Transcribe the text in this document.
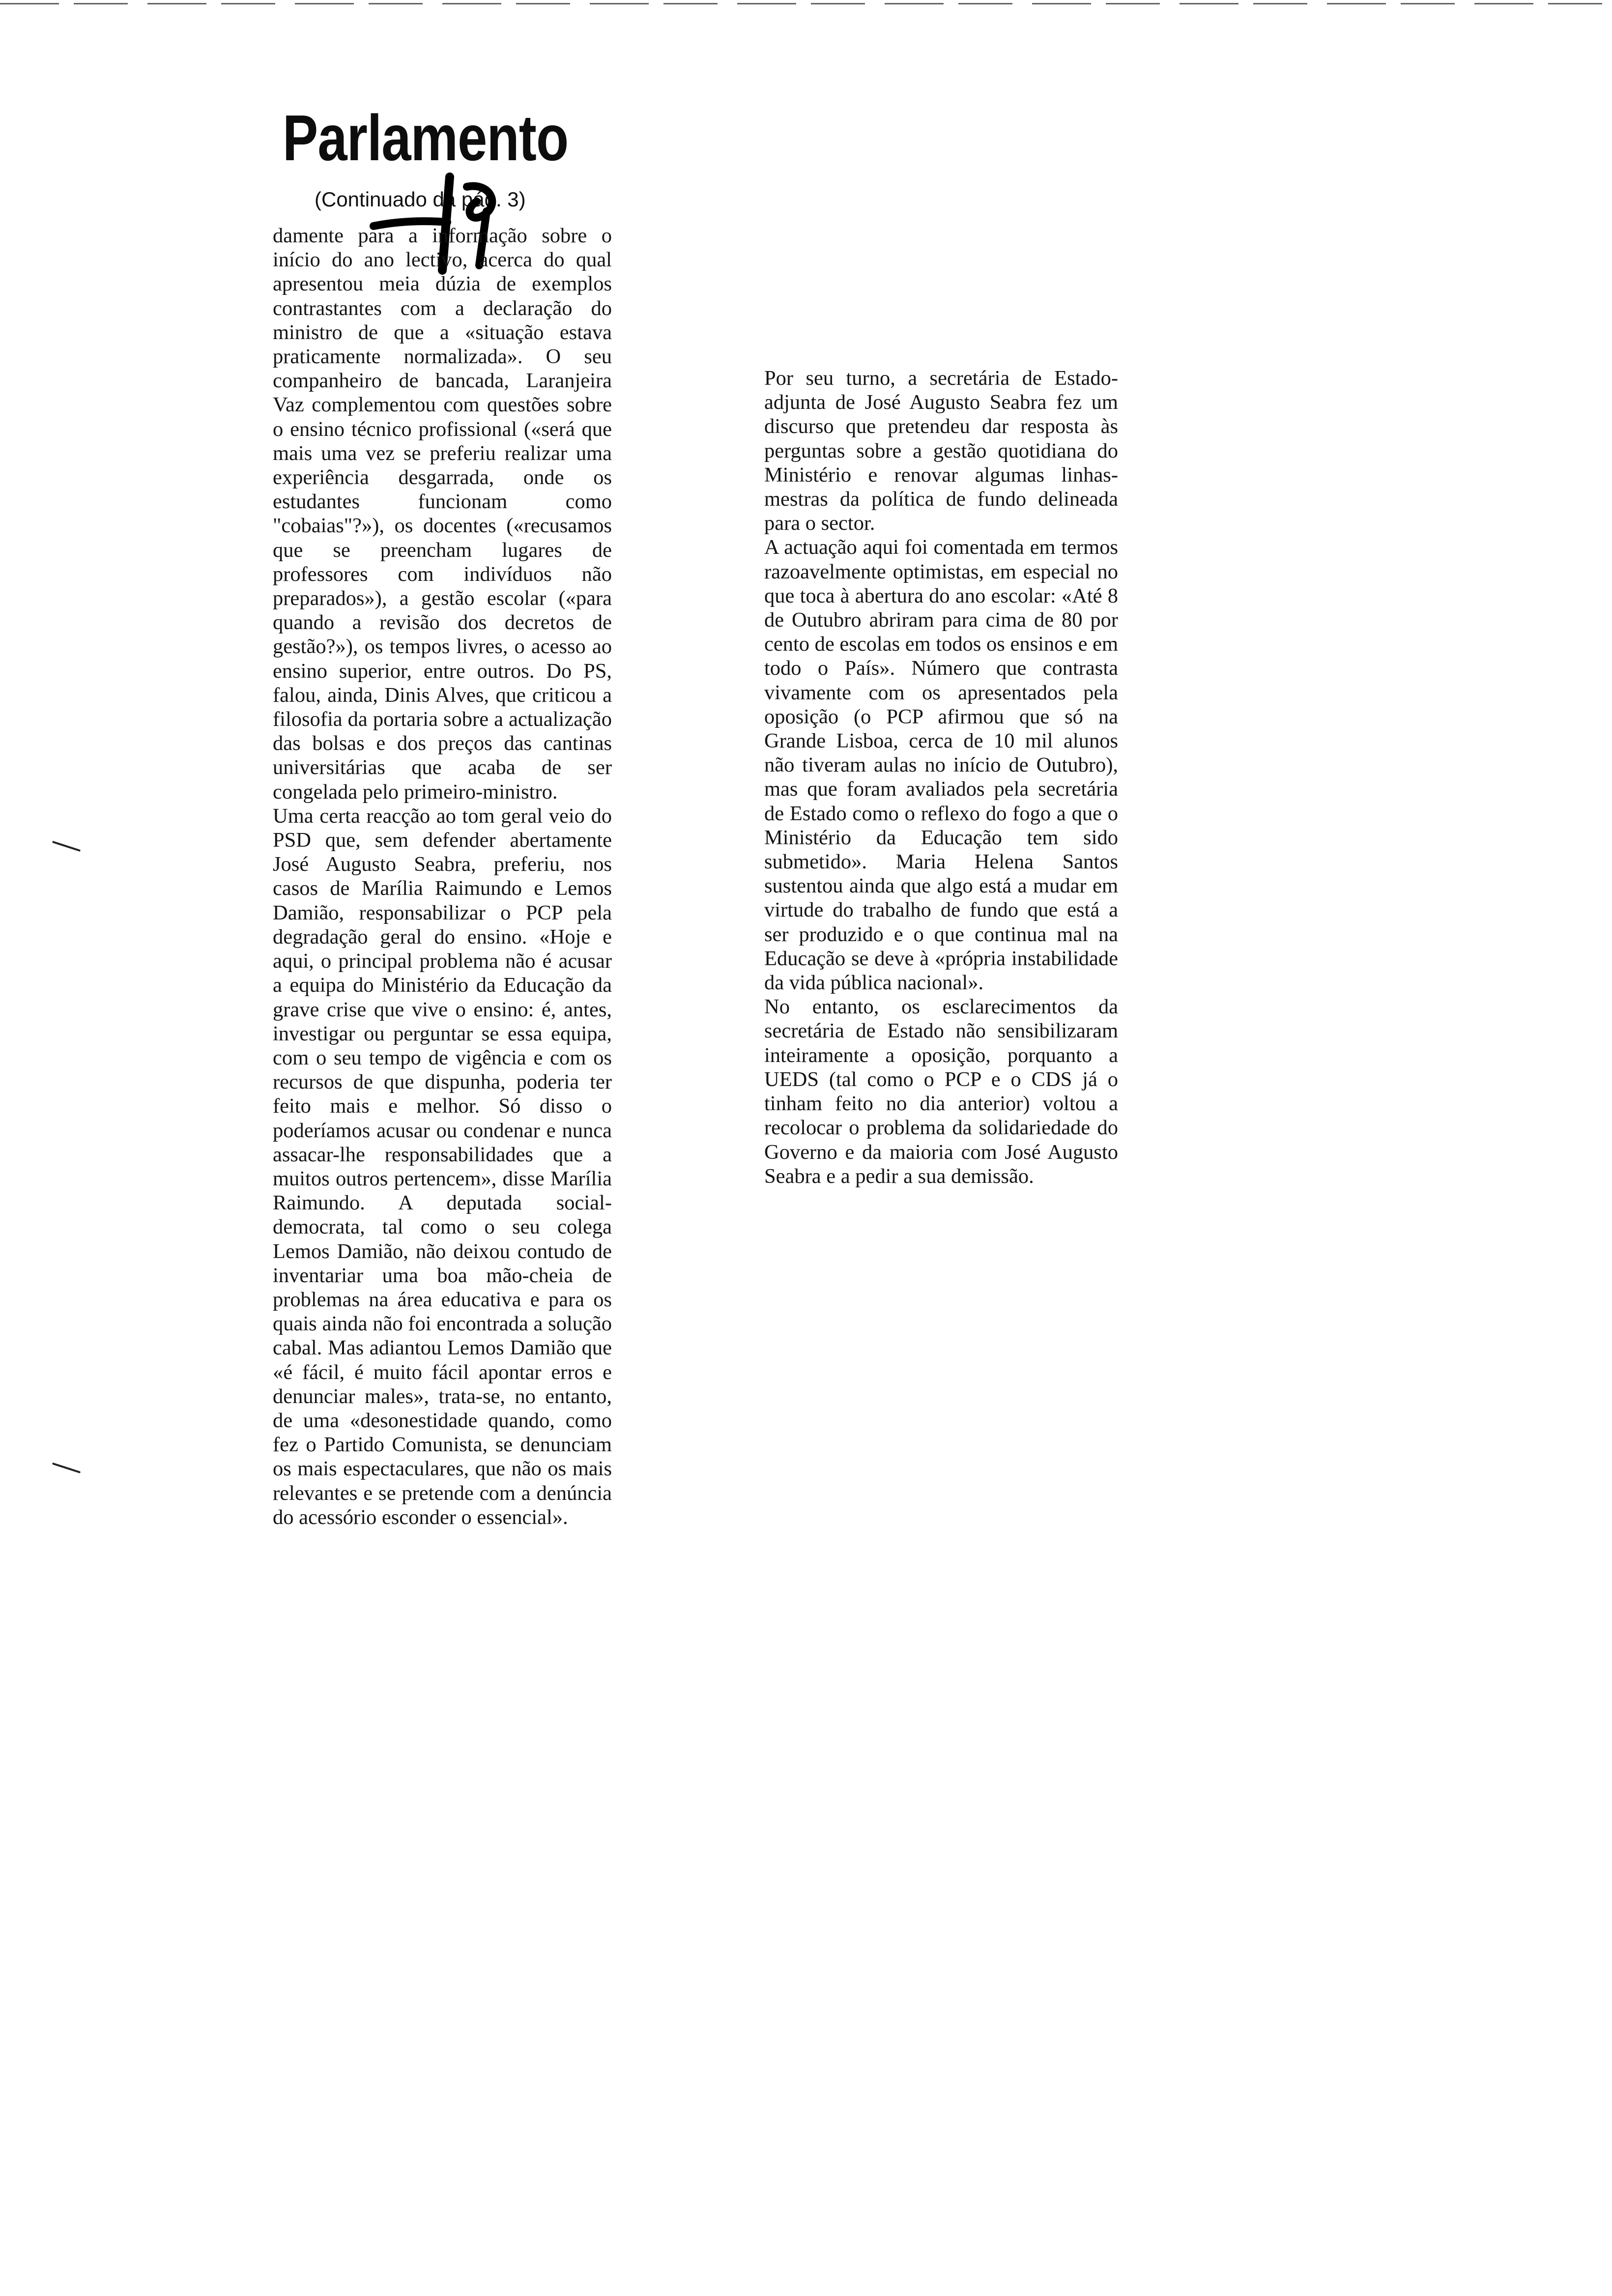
Parlamento
(Continuado da pág. 3)

damente para a informação sobre o início do ano lectivo, acerca do qual apresentou meia dúzia de exemplos contrastantes com a declaração do ministro de que a «situação estava praticamente normalizada». O seu companheiro de bancada, Laranjeira Vaz complementou com questões sobre o ensino técnico profissional («será que mais uma vez se preferiu realizar uma experiência desgarrada, onde os estudantes funcionam como "cobaias"?»), os docentes («recusamos que se preencham lugares de professores com indivíduos não preparados»), a gestão escolar («para quando a revisão dos decretos de gestão?»), os tempos livres, o acesso ao ensino superior, entre outros. Do PS, falou, ainda, Dinis Alves, que criticou a filosofia da portaria sobre a actualização das bolsas e dos preços das cantinas universitárias que acaba de ser congelada pelo primeiro-ministro.
Uma certa reacção ao tom geral veio do PSD que, sem defender abertamente José Augusto Seabra, preferiu, nos casos de Marília Raimundo e Lemos Damião, responsabilizar o PCP pela degradação geral do ensino. «Hoje e aqui, o principal problema não é acusar a equipa do Ministério da Educação da grave crise que vive o ensino: é, antes, investigar ou perguntar se essa equipa, com o seu tempo de vigência e com os recursos de que dispunha, poderia ter feito mais e melhor. Só disso o poderíamos acusar ou condenar e nunca assacar-lhe responsabilidades que a muitos outros pertencem», disse Marília Raimundo. A deputada social-democrata, tal como o seu colega Lemos Damião, não deixou contudo de inventariar uma boa mão-cheia de problemas na área educativa e para os quais ainda não foi encontrada a solução cabal. Mas adiantou Lemos Damião que «é fácil, é muito fácil apontar erros e denunciar males», trata-se, no entanto, de uma «desonestidade quando, como fez o Partido Comunista, se denunciam os mais espectaculares, que não os mais relevantes e se pretende com a denúncia do acessório esconder o essencial».

Por seu turno, a secretária de Estado-adjunta de José Augusto Seabra fez um discurso que pretendeu dar resposta às perguntas sobre a gestão quotidiana do Ministério e renovar algumas linhas-mestras da política de fundo delineada para o sector.
A actuação aqui foi comentada em termos razoavelmente optimistas, em especial no que toca à abertura do ano escolar: «Até 8 de Outubro abriram para cima de 80 por cento de escolas em todos os ensinos e em todo o País». Número que contrasta vivamente com os apresentados pela oposição (o PCP afirmou que só na Grande Lisboa, cerca de 10 mil alunos não tiveram aulas no início de Outubro), mas que foram avaliados pela secretária de Estado como o reflexo do fogo a que o Ministério da Educação tem sido submetido». Maria Helena Santos sustentou ainda que algo está a mudar em virtude do trabalho de fundo que está a ser produzido e o que continua mal na Educação se deve à «própria instabilidade da vida pública nacional».
No entanto, os esclarecimentos da secretária de Estado não sensibilizaram inteiramente a oposição, porquanto a UEDS (tal como o PCP e o CDS já o tinham feito no dia anterior) voltou a recolocar o problema da solidariedade do Governo e da maioria com José Augusto Seabra e a pedir a sua demissão.
